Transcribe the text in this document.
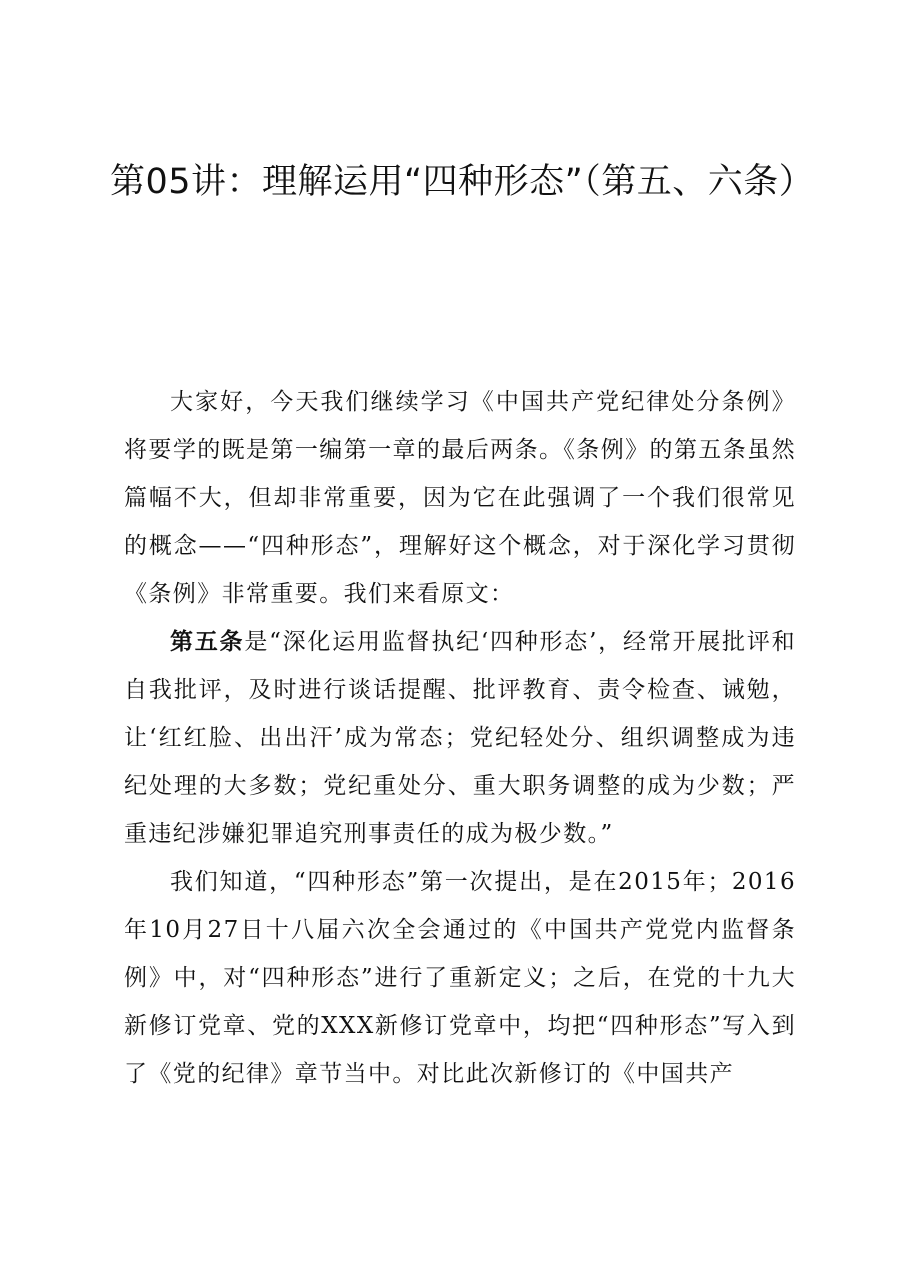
第05讲：理解运用“四种形态”（第五、六条）

大家好，今天我们继续学习《中国共产党纪律处分条例》将要学的既是第一编第一章的最后两条。《条例》的第五条虽然篇幅不大，但却非常重要，因为它在此强调了一个我们很常见的概念——“四种形态”，理解好这个概念，对于深化学习贯彻《条例》非常重要。我们来看原文：

第五条是“深化运用监督执纪‘四种形态’，经常开展批评和自我批评，及时进行谈话提醒、批评教育、责令检查、诫勉，让‘红红脸、出出汗’成为常态；党纪轻处分、组织调整成为违纪处理的大多数；党纪重处分、重大职务调整的成为少数；严重违纪涉嫌犯罪追究刑事责任的成为极少数。”

我们知道，“四种形态”第一次提出，是在2015年；2016年10月27日十八届六次全会通过的《中国共产党党内监督条例》中，对“四种形态”进行了重新定义；之后，在党的十九大新修订党章、党的XXX新修订党章中，均把“四种形态”写入到了《党的纪律》章节当中。对比此次新修订的《中国共产
